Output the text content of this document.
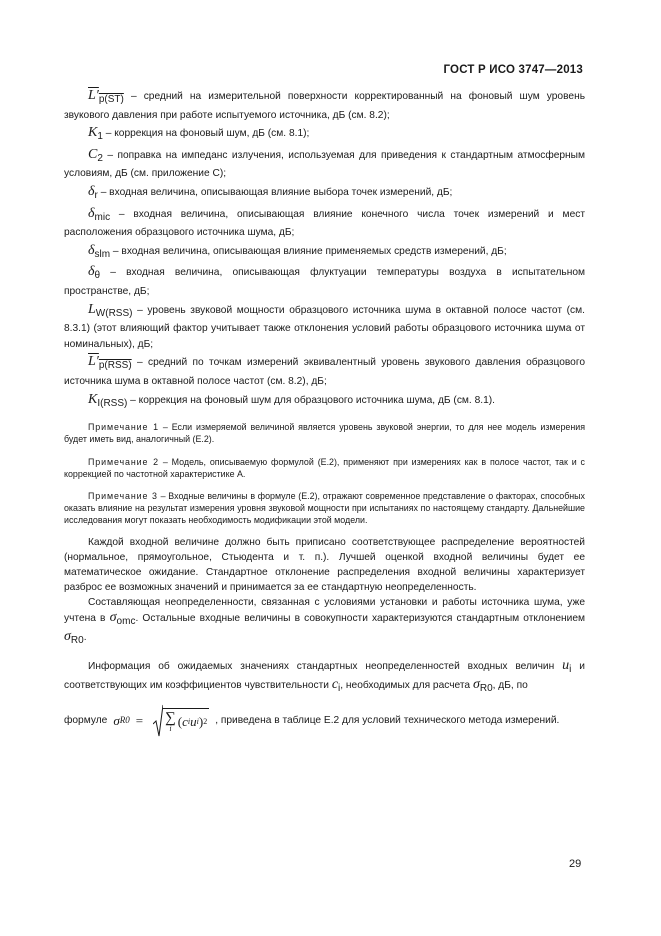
ГОСТ Р ИСО 3747—2013

$L'_{p(ST)}$ – средний на измерительной поверхности корректированный на фоновый шум уровень звукового давления при работе испытуемого источника, дБ (см. 8.2);

$K_1$ – коррекция на фоновый шум, дБ (см. 8.1);

$C_2$ – поправка на импеданс излучения, используемая для приведения к стандартным атмосферным условиям, дБ (см. приложение С);

$\delta_r$ – входная величина, описывающая влияние выбора точек измерений, дБ;

$\delta_{mic}$ – входная величина, описывающая влияние конечного числа точек измерений и мест расположения образцового источника шума, дБ;

$\delta_{slm}$ – входная величина, описывающая влияние применяемых средств измерений, дБ;

$\delta_\theta$ – входная величина, описывающая флуктуации температуры воздуха в испытательном пространстве, дБ;

$L_{W(RSS)}$ – уровень звуковой мощности образцового источника шума в октавной полосе частот (см. 8.3.1) (этот влияющий фактор учитывает также отклонения условий работы образцового источника шума от номинальных), дБ;

$L'_{p(RSS)}$ – средний по точкам измерений эквивалентный уровень звукового давления образцового источника шума в октавной полосе частот (см. 8.2), дБ;

$K_{I(RSS)}$ – коррекция на фоновый шум для образцового источника шума, дБ (см. 8.1).

Примечание 1 – Если измеряемой величиной является уровень звуковой энергии, то для нее модель измерения будет иметь вид, аналогичный (Е.2).

Примечание 2 – Модель, описываемую формулой (Е.2), применяют при измерениях как в полосе частот, так и с коррекцией по частотной характеристике A.

Примечание 3 – Входные величины в формуле (Е.2), отражают современное представление о факторах, способных оказать влияние на результат измерения уровня звуковой мощности при испытаниях по настоящему стандарту. Дальнейшие исследования могут показать необходимость модификации этой модели.

Каждой входной величине должно быть приписано соответствующее распределение вероятностей (нормальное, прямоугольное, Стьюдента и т. п.). Лучшей оценкой входной величины будет ее математическое ожидание. Стандартное отклонение распределения входной величины характеризует разброс ее возможных значений и принимается за ее стандартную неопределенность.

Составляющая неопределенности, связанная с условиями установки и работы источника шума, уже учтена в $\sigma_{omc}$. Остальные входные величины в совокупности характеризуются стандартным отклонением $\sigma_{R0}$.

Информация об ожидаемых значениях стандартных неопределенностей входных величин $u_i$ и соответствующих им коэффициентов чувствительности $c_i$, необходимых для расчета $\sigma_{R0}$, дБ, по

формуле σ R0 = ∑
i ( c i u i ) 2 , приведена в таблице Е.2 для условий технического метода измерений.
29
